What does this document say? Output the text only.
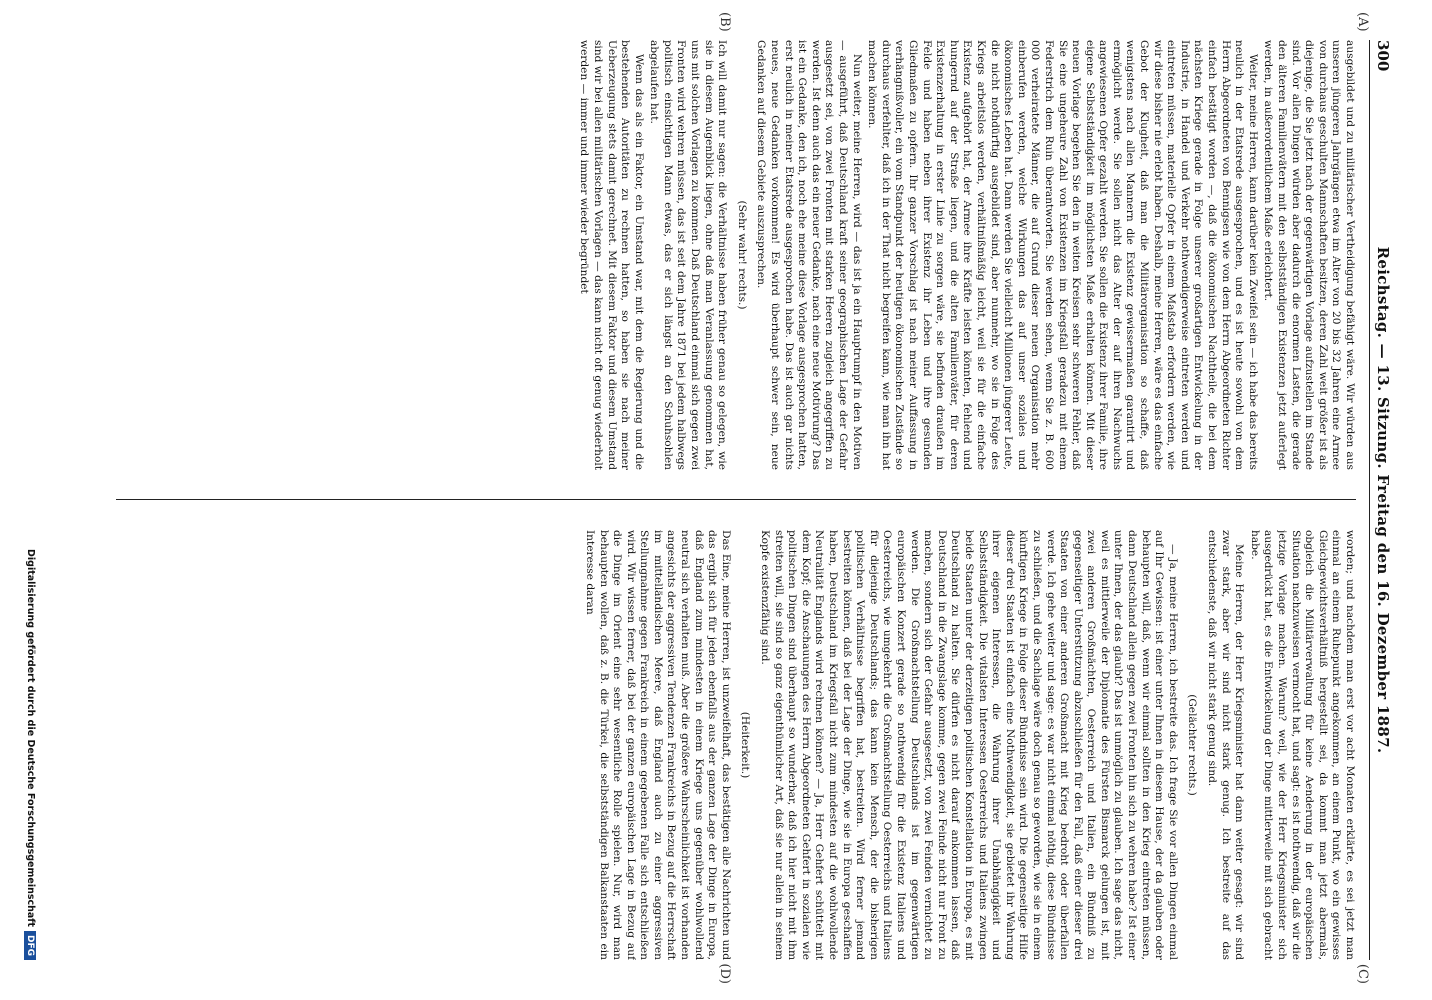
300
Reichstag. — 13. Sitzung. Freitag den 16. Dezember 1887.
(A)
(B)
(C)
(D)

ausgebildet und zu militärischer Vertheidigung befähigt wäre. Wir würden aus unseren jüngeren Jahrgängen etwa im Alter von 20 bis 32 Jahren eine Armee von durchaus geschulten Mannschaften besitzen, deren Zahl weit größer ist als diejenige, die Sie jetzt nach der gegenwärtigen Vorlage aufzustellen im Stande sind. Vor allen Dingen würden aber dadurch die enormen Lasten, die gerade den älteren Familienvätern mit den selbstständigen Existenzen jetzt auferlegt werden, in außerordentlichem Maße erleichtert.

Weiter, meine Herren, kann darüber kein Zweifel sein — ich habe das bereits neulich in der Etatsrede ausgesprochen, und es ist heute sowohl von dem Herrn Abgeordneten von Bennigsen wie von dem Herrn Abgeordneten Richter einfach bestätigt worden —, daß die ökonomischen Nachtheile, die bei dem nächsten Kriege gerade in Folge unserer großartigen Entwickelung in der Industrie, in Handel und Verkehr nothwendigerweise eintreten werden und eintreten müssen, materielle Opfer in einem Maßstab erfordern werden, wie wir diese bisher nie erlebt haben. Deshalb, meine Herren, wäre es das einfache Gebot der Klugheit, daß man die Militärorganisation so schaffe, daß wenigstens nach allen Mannern die Existenz gewissermaßen garantirt und ermöglicht werde. Sie sollen nicht das Alter der auf ihren Nachwuchs angewiesenen Opfer gezahlt werden. Sie sollen die Existenz ihrer Familie, ihre eigene Selbstständigkeit im möglichsten Maße erhalten können. Mit dieser neuen Vorlage begehen Sie den in weiten Kreisen sehr schweren Fehler, daß Sie eine ungeheure Zahl von Existenzen im Kriegsfall geradezu mit einem Federstrich dem Ruin überantworten. Sie werden sehen, wenn Sie z. B. 600 000 verheiratete Männer, die auf Grund dieser neuen Organisation mehr einberufen werden, welche Wirkungen das auf unser soziales und ökonomisches Leben hat. Dann werden Sie vielleicht Millionen jüngerer Leute, die nicht nothdürftig ausgebildet sind, aber nunmehr, wo sie in Folge des Kriegs arbeitslos werden, verhältnißmäßig leicht, weil sie für die einfache Existenz aufgehört hat, der Armee ihre Kräfte leisten könnten, fehlend und hungernd auf der Straße liegen, und die alten Familienväter, für deren Existenzerhaltung in erster Linie zu sorgen wäre, sie befinden draußen im Felde und haben neben ihrer Existenz ihr Leben und ihre gesunden Gliedmaßen zu opfern. Ihr ganzer Vorschlag ist nach meiner Auffassung in verhängnißvoller, ein vom Standpunkt der heutigen ökonomischen Zustände so durchaus verfehlter, daß ich in der That nicht begreifen kann, wie man ihn hat machen können.

Nun weiter, meine Herren, wird — das ist ja ein Hauptrumpf in den Motiven — ausgeführt, daß Deutschland kraft seiner geographischen Lage der Gefahr ausgesetzt sei, von zwei Fronten mit starken Heeren zugleich angegriffen zu werden. Ist denn auch das ein neuer Gedanke, nach eine neue Motivirung? Das ist ein Gedanke, den ich, noch ehe meine diese Vorlage ausgesprochen hatten, erst neulich in meiner Etatsrede ausgesprochen habe. Das ist auch gar nichts neues, neue Gedanken vorkommen! Es wird überhaupt schwer sein, neue Gedanken auf diesem Gebiete auszusprechen.

(Sehr wahr! rechts.)

Ich will damit nur sagen: die Verhältnisse haben früher genau so gelegen, wie sie in diesem Augenblick liegen, ohne daß man Veranlassung genommen hat, uns mit solchen Vorlagen zu kommen. Daß Deutschland einmal sich gegen zwei Fronten wird wehren müssen, das ist seit dem Jahre 1871 bei jedem halbwegs politisch einsichtigen Mann etwas, das er sich längst an den Schuhsohlen abgelaufen hat.

Wenn das als ein Faktor, ein Umstand war, mit dem die Regierung und die bestehenden Autoritäten zu rechnen hatten, so haben sie nach meiner Ueberzeugung stets damit gerechnet. Mit diesem Faktor und diesem Umstand sind wir bei allen militärischen Vorlagen — das kann nicht oft genug wiederholt werden — immer und immer wieder begründet

worden; und nachdem man erst vor acht Monaten erklärte, es sei jetzt man einmal an einem Ruhepunkt angekommen, an einem Punkt, wo ein gewisses Gleichgewichtsverhältniß hergestellt sei, da kommt man jetzt abermals, obgleich die Militärverwaltung für keine Aenderung in der europäischen Situation nachzuweisen vermocht hat, und sagt: es ist nothwendig, daß wir die jetzige Vorlage machen. Warum? weil, wie der Herr Kriegsminister sich ausgedrückt hat, es die Entwickelung der Dinge mittlerweile mit sich gebracht habe.

Meine Herren, der Herr Kriegsminister hat dann weiter gesagt: wir sind zwar stark, aber wir sind nicht stark genug. Ich bestreite auf das entschiedenste, daß wir nicht stark genug sind.

(Gelächter rechts.)

— Ja, meine Herren, ich bestreite das. Ich frage Sie vor allen Dingen einmal auf Ihr Gewissen: ist einer unter Ihnen in diesem Hause, der da glauben oder behaupten will, daß, wenn wir einmal sollten in den Krieg eintreten müssen, dann Deutschland allein gegen zwei Fronten hin sich zu wehren habe? Ist einer unter Ihnen, der das glaubt? Das ist unmöglich zu glauben. Ich sage das nicht, weil es mittlerweile der Diplomatie des Fürsten Bismarck gelungen ist, mit zwei anderen Großmächten, Oesterreich und Italien, ein Bündniß zu gegenseitiger Unterstützung abzuschließen für den Fall, daß einer dieser drei Staaten von einer anderen Großmacht mit Krieg bedroht oder überfallen werde. Ich gehe weiter und sage: es war nicht einmal nöthig, diese Bündnisse zu schließen, und die Sachlage wäre doch genau so geworden, wie sie in einem künftigen Kriege in Folge dieser Bündnisse sein wird. Die gegenseitige Hilfe dieser drei Staaten ist einfach eine Nothwendigkeit, sie gebietet ihr Wahrung ihrer eigenen Interessen, die Wahrung ihrer Unabhängigkeit und Selbstständigkeit. Die vitalsten Interessen Oesterreichs und Italiens zwingen beide Staaten unter der derzeitigen politischen Konstellation in Europa, es mit Deutschland zu halten. Sie dürfen es nicht darauf ankommen lassen, daß Deutschland in die Zwangslage komme, gegen zwei Feinde nicht nur Front zu machen, sondern sich der Gefahr ausgesetzt, von zwei Feinden vernichtet zu werden. Die Großmachtstellung Deutschlands ist im gegenwärtigen europäischen Konzert gerade so nothwendig für die Existenz Italiens und Oesterreichs, wie umgekehrt die Großmachtstellung Oesterreichs und Italiens für diejenige Deutschlands; das kann kein Mensch, der die bisherigen politischen Verhältnisse begriffen hat, bestreiten. Wird ferner jemand bestreiten können, daß bei der Lage der Dinge, wie sie in Europa geschaffen haben, Deutschland im Kriegsfall nicht zum mindesten auf die wohlwollende Neutralität Englands wird rechnen können? — Ja, Herr Gehfert schüttelt mit dem Kopf; die Anschauungen des Herrn Abgeordneten Gehfert in sozialen wie politischen Dingen sind überhaupt so wunderbar, daß ich hier nicht mit ihm streiten will, sie sind so ganz eigenthümlicher Art, daß sie nur allein in seinem Kopfe existenzfähig sind.

(Heiterkeit.)

Das Eine, meine Herren, ist unzweifelhaft, das bestätigen alle Nachrichten und das ergibt sich für jeden ebenfalls aus der ganzen Lage der Dinge in Europa, daß England zum mindesten in einem Kriege uns gegenüber wohlwollend neutral sich verhalten muß. Aber die größere Wahrscheinlichkeit ist vorhanden angesichts der aggressiven Tendenzen Frankreichs in Bezug auf die Herrschaft im mittelländischen Meere, daß England auch zu einer aggressiven Stellungnahme gegen Frankreich in einem gegebenen Falle sich entschließen wird. Wir wissen ferner, daß bei der ganzen europäischen Lage in Bezug auf die Dinge im Orient eine sehr wesentliche Rolle spielen. Nur, wird man behaupten wollen, daß z. B. die Türkei, die selbstständigen Balkanstaaten ein Interesse daran

Digitalisierung gefördert durch die Deutsche ForschungsgemeinschaftDFG
